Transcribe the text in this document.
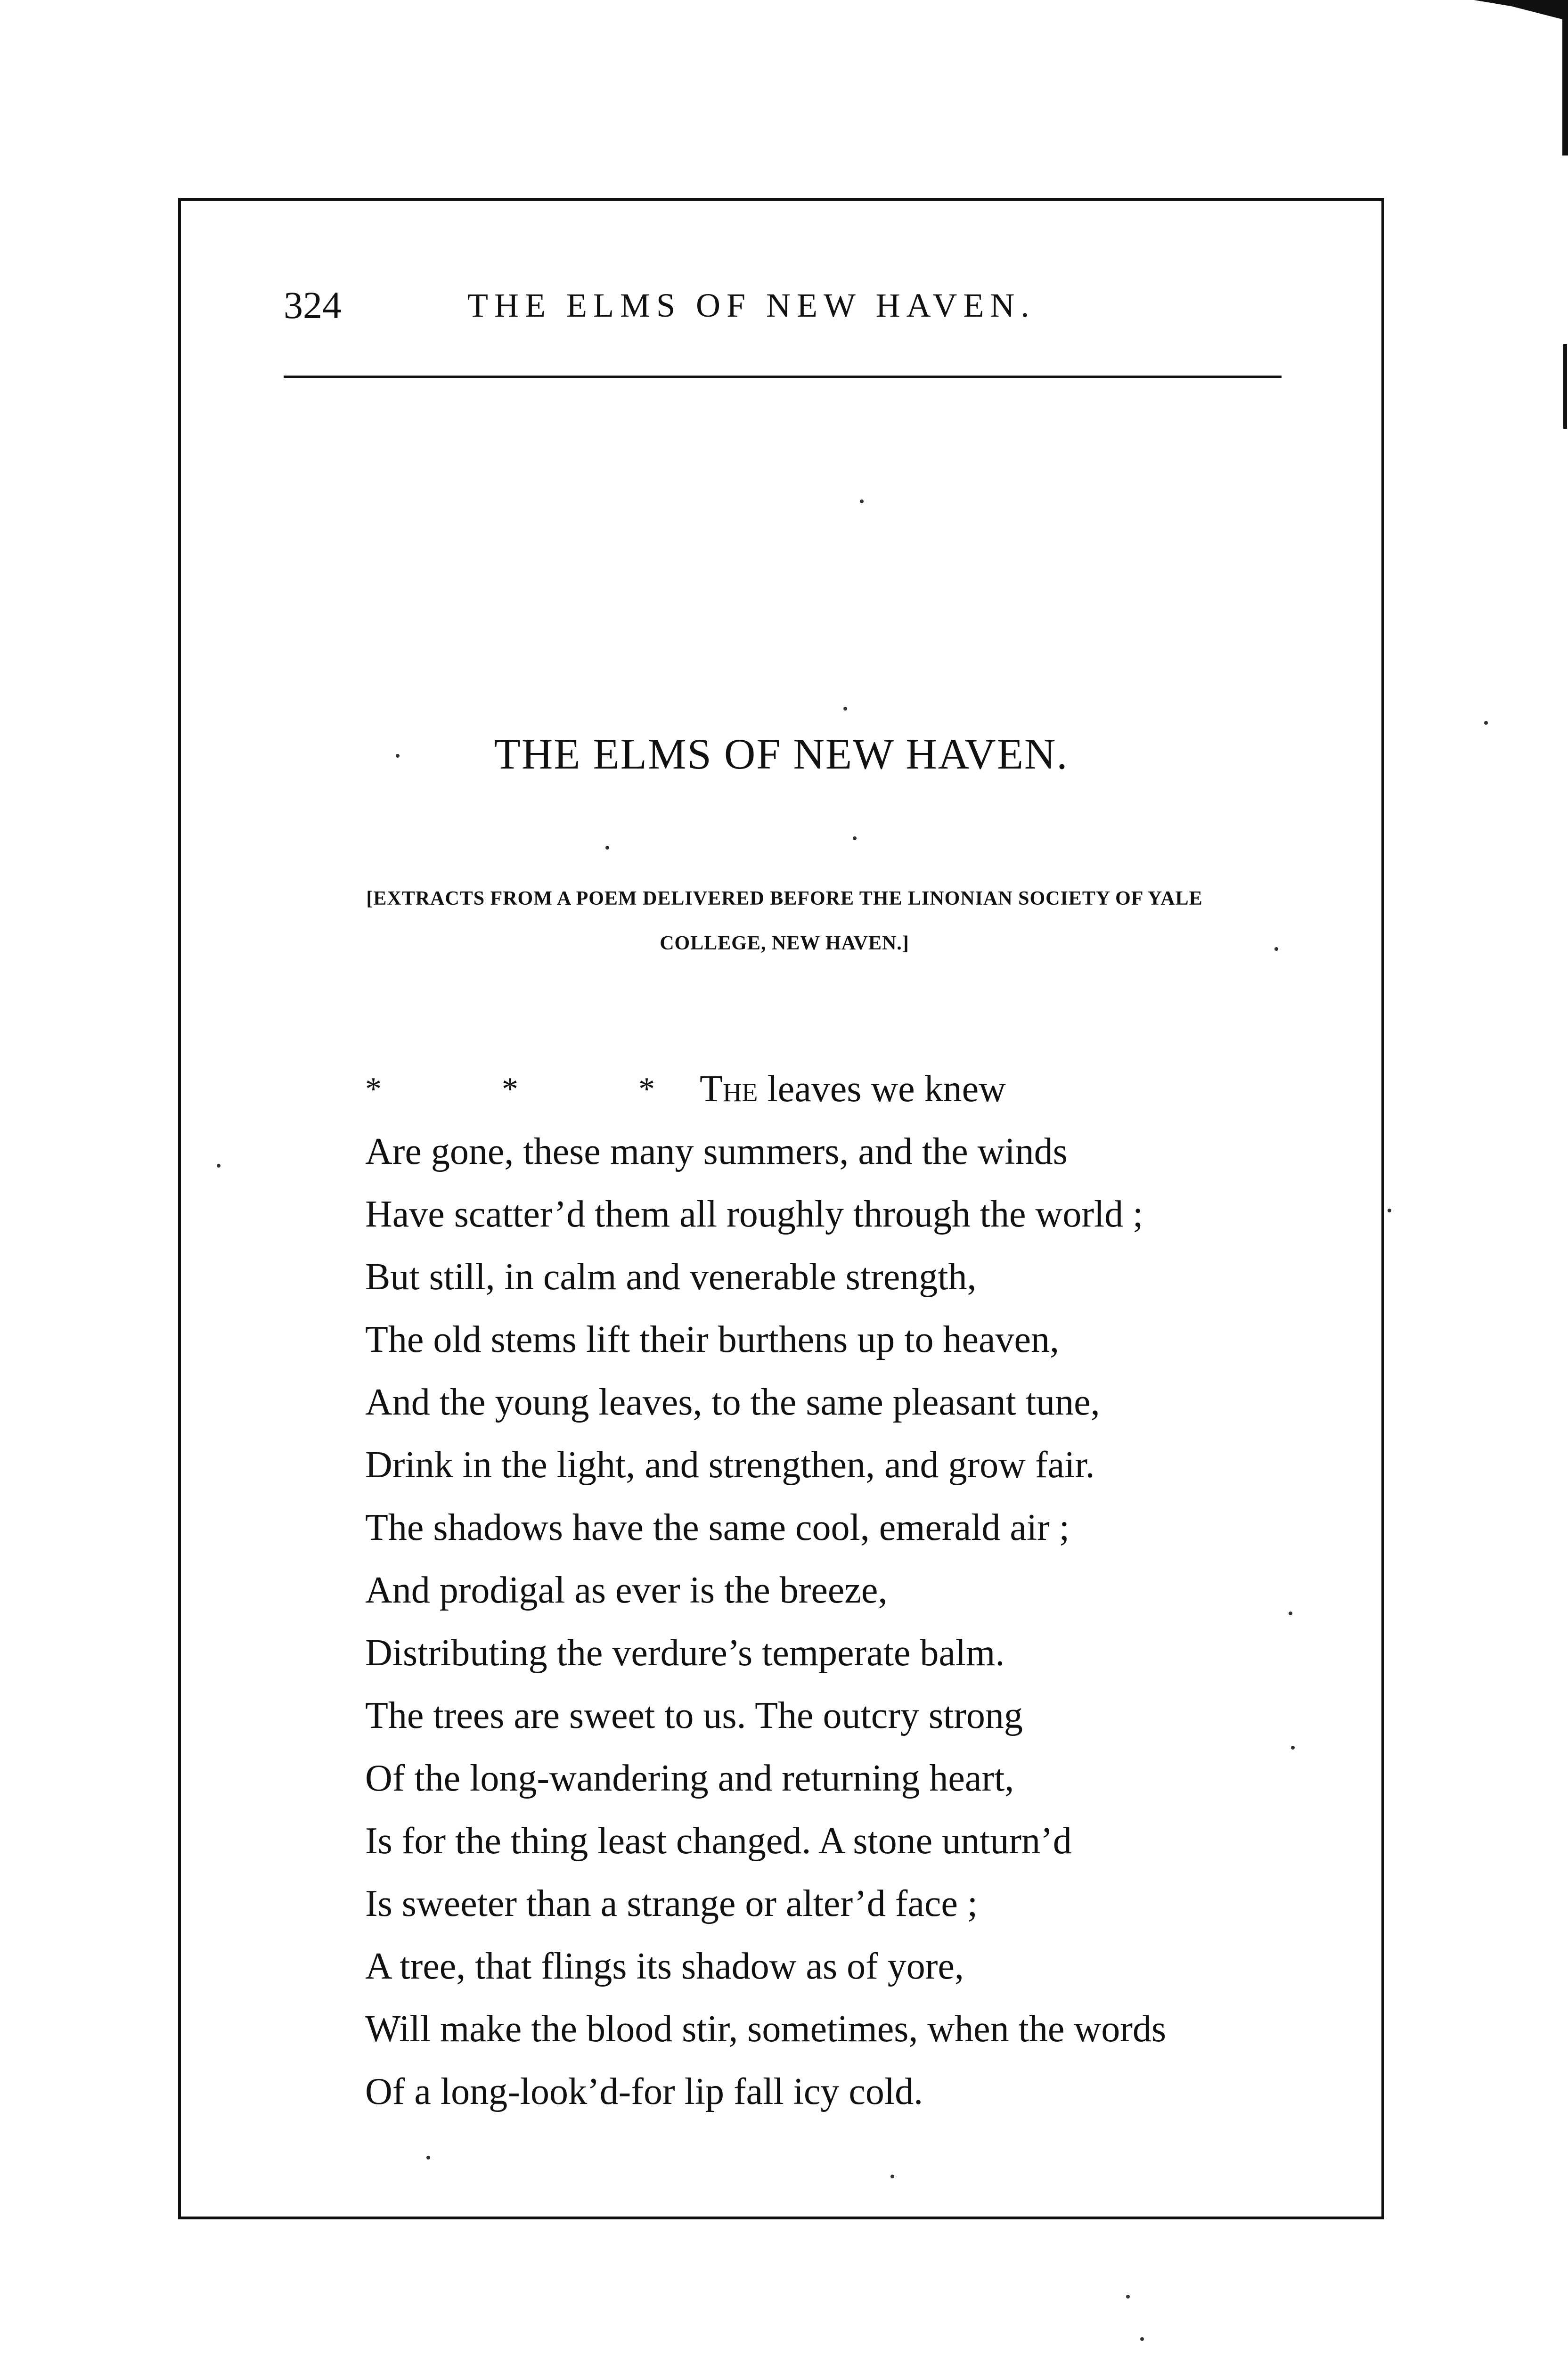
324	THE ELMS OF NEW HAVEN.
THE ELMS OF NEW HAVEN.
[EXTRACTS FROM A POEM DELIVERED BEFORE THE LINONIAN SOCIETY OF YALE
COLLEGE, NEW HAVEN.]
*	*	* The leaves we knew
Are gone, these many summers, and the winds
Have scatter’d them all roughly through the world ;
But still, in calm and venerable strength,
The old stems lift their burthens up to heaven,
And the young leaves, to the same pleasant tune,
Drink in the light, and strengthen, and grow fair.
The shadows have the same cool, emerald air ;
And prodigal as ever is the breeze,
Distributing the verdure’s temperate balm.
The trees are sweet to us. The outcry strong
Of the long-wandering and returning heart,
Is for the thing least changed. A stone unturn’d
Is sweeter than a strange or alter’d face ;
A tree, that flings its shadow as of yore,
Will make the blood stir, sometimes, when the words
Of a long-look’d-for lip fall icy cold.
